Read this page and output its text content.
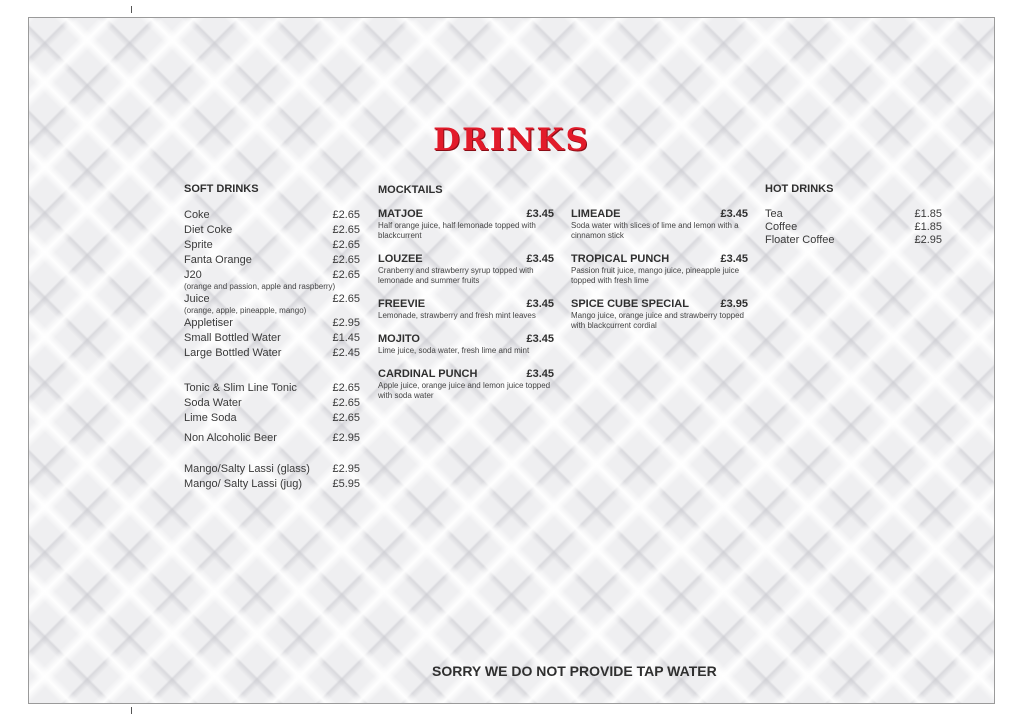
DRINKS
SOFT DRINKS
Coke	£2.65
Diet Coke	£2.65
Sprite	£2.65
Fanta Orange	£2.65
J20	£2.65
(orange and passion, apple and raspberry)
Juice	£2.65
(orange, apple, pineapple, mango)
Appletiser	£2.95
Small Bottled Water	£1.45
Large Bottled Water	£2.45
Tonic & Slim Line Tonic	£2.65
Soda Water	£2.65
Lime Soda	£2.65
Non Alcoholic Beer	£2.95
Mango/Salty Lassi (glass) £2.95
Mango/ Salty Lassi (jug)	£5.95
MOCKTAILS
MATJOE	£3.45
Half orange juice, half lemonade topped with blackcurrent
LOUZEE	£3.45
Cranberry and strawberry syrup topped with lemonade and summer fruits
FREEVIE	£3.45
Lemonade, strawberry and fresh mint leaves
MOJITO	£3.45
Lime juice, soda water, fresh lime and mint
CARDINAL PUNCH	£3.45
Apple juice, orange juice and lemon juice topped with soda water
LIMEADE	£3.45
Soda water with slices of lime and lemon with a cinnamon stick
TROPICAL PUNCH	£3.45
Passion fruit juice, mango juice, pineapple juice topped with fresh lime
SPICE CUBE SPECIAL	£3.95
Mango juice, orange juice and strawberry topped with blackcurrent cordial
HOT DRINKS
Tea	£1.85
Coffee	£1.85
Floater Coffee	£2.95
SORRY WE DO NOT PROVIDE TAP WATER
